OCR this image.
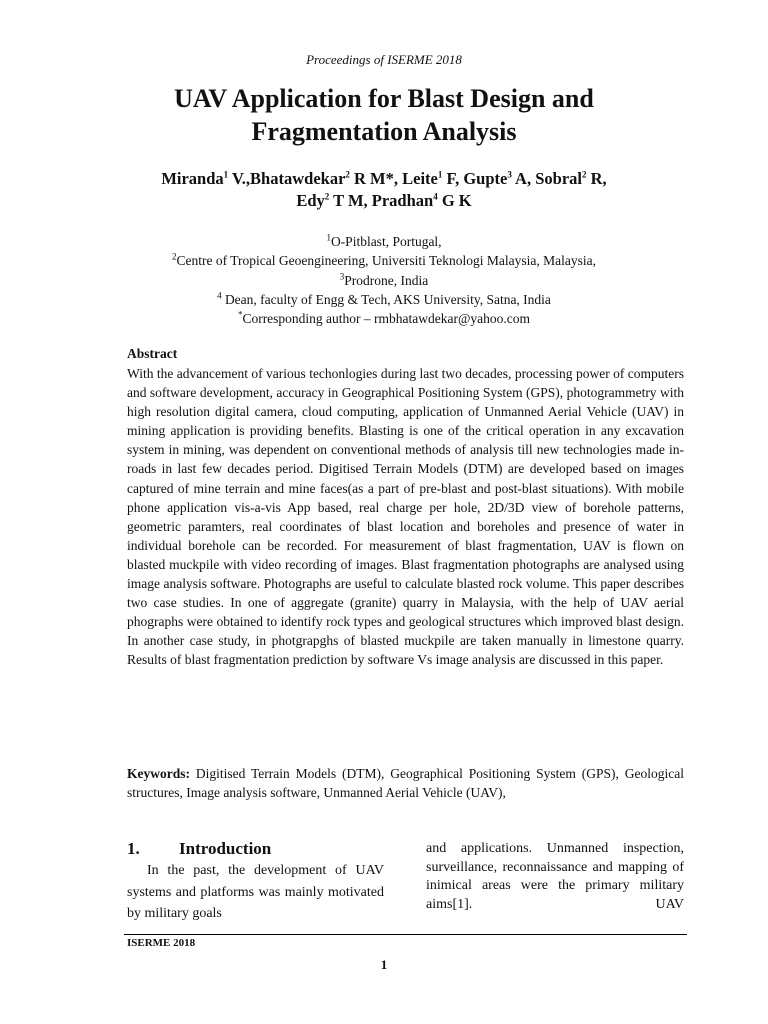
Proceedings of ISERME 2018
UAV Application for Blast Design and Fragmentation Analysis
Miranda$^1$ V.,Bhatawdekar$^2$ R M*, Leite$^1$ F, Gupte$^3$ A, Sobral$^2$ R,
Edy$^2$ T M, Pradhan$^4$ G K
$^1$O-Pitblast, Portugal,
$^2$Centre of Tropical Geoengineering, Universiti Teknologi Malaysia, Malaysia,
$^3$Prodrone, India
$^4$ Dean, faculty of Engg & Tech, AKS University, Satna, India
*Corresponding author – rmbhatawdekar@yahoo.com
Abstract

With the advancement of various techonlogies during last two decades, processing power of computers and software development, accuracy in Geographical Positioning System (GPS), photogrammetry with high resolution digital camera, cloud computing, application of Unmanned Aerial Vehicle (UAV) in mining application is providing benefits. Blasting is one of the critical operation in any excavation system in mining, was dependent on conventional methods of analysis till new technologies made in-roads in last few decades period. Digitised Terrain Models (DTM) are developed based on images captured of mine terrain and mine faces(as a part of pre-blast and post-blast situations). With mobile phone application vis-a-vis App based, real charge per hole, 2D/3D view of borehole patterns, geometric paramters, real coordinates of blast location and boreholes and presence of water in individual borehole can be recorded. For measurement of blast fragmentation, UAV is flown on blasted muckpile with video recording of images. Blast fragmentation photographs are analysed using image analysis software. Photographs are useful to calculate blasted rock volume. This paper describes two case studies. In one of aggregate (granite) quarry in Malaysia, with the help of UAV aerial phographs were obtained to identify rock types and geological structures which improved blast design. In another case study, in photgrapghs of blasted muckpile are taken manually in limestone quarry. Results of blast fragmentation prediction by software Vs image analysis are discussed in this paper.

Keywords: Digitised Terrain Models (DTM), Geographical Positioning System (GPS), Geological structures, Image analysis software, Unmanned Aerial Vehicle (UAV),

1. Introduction

In the past, the development of UAV systems and platforms was mainly motivated by military goals

and applications. Unmanned inspection, surveillance, reconnaissance and mapping of inimical areas were the primary military aims[1]. UAV

ISERME 2018
1
